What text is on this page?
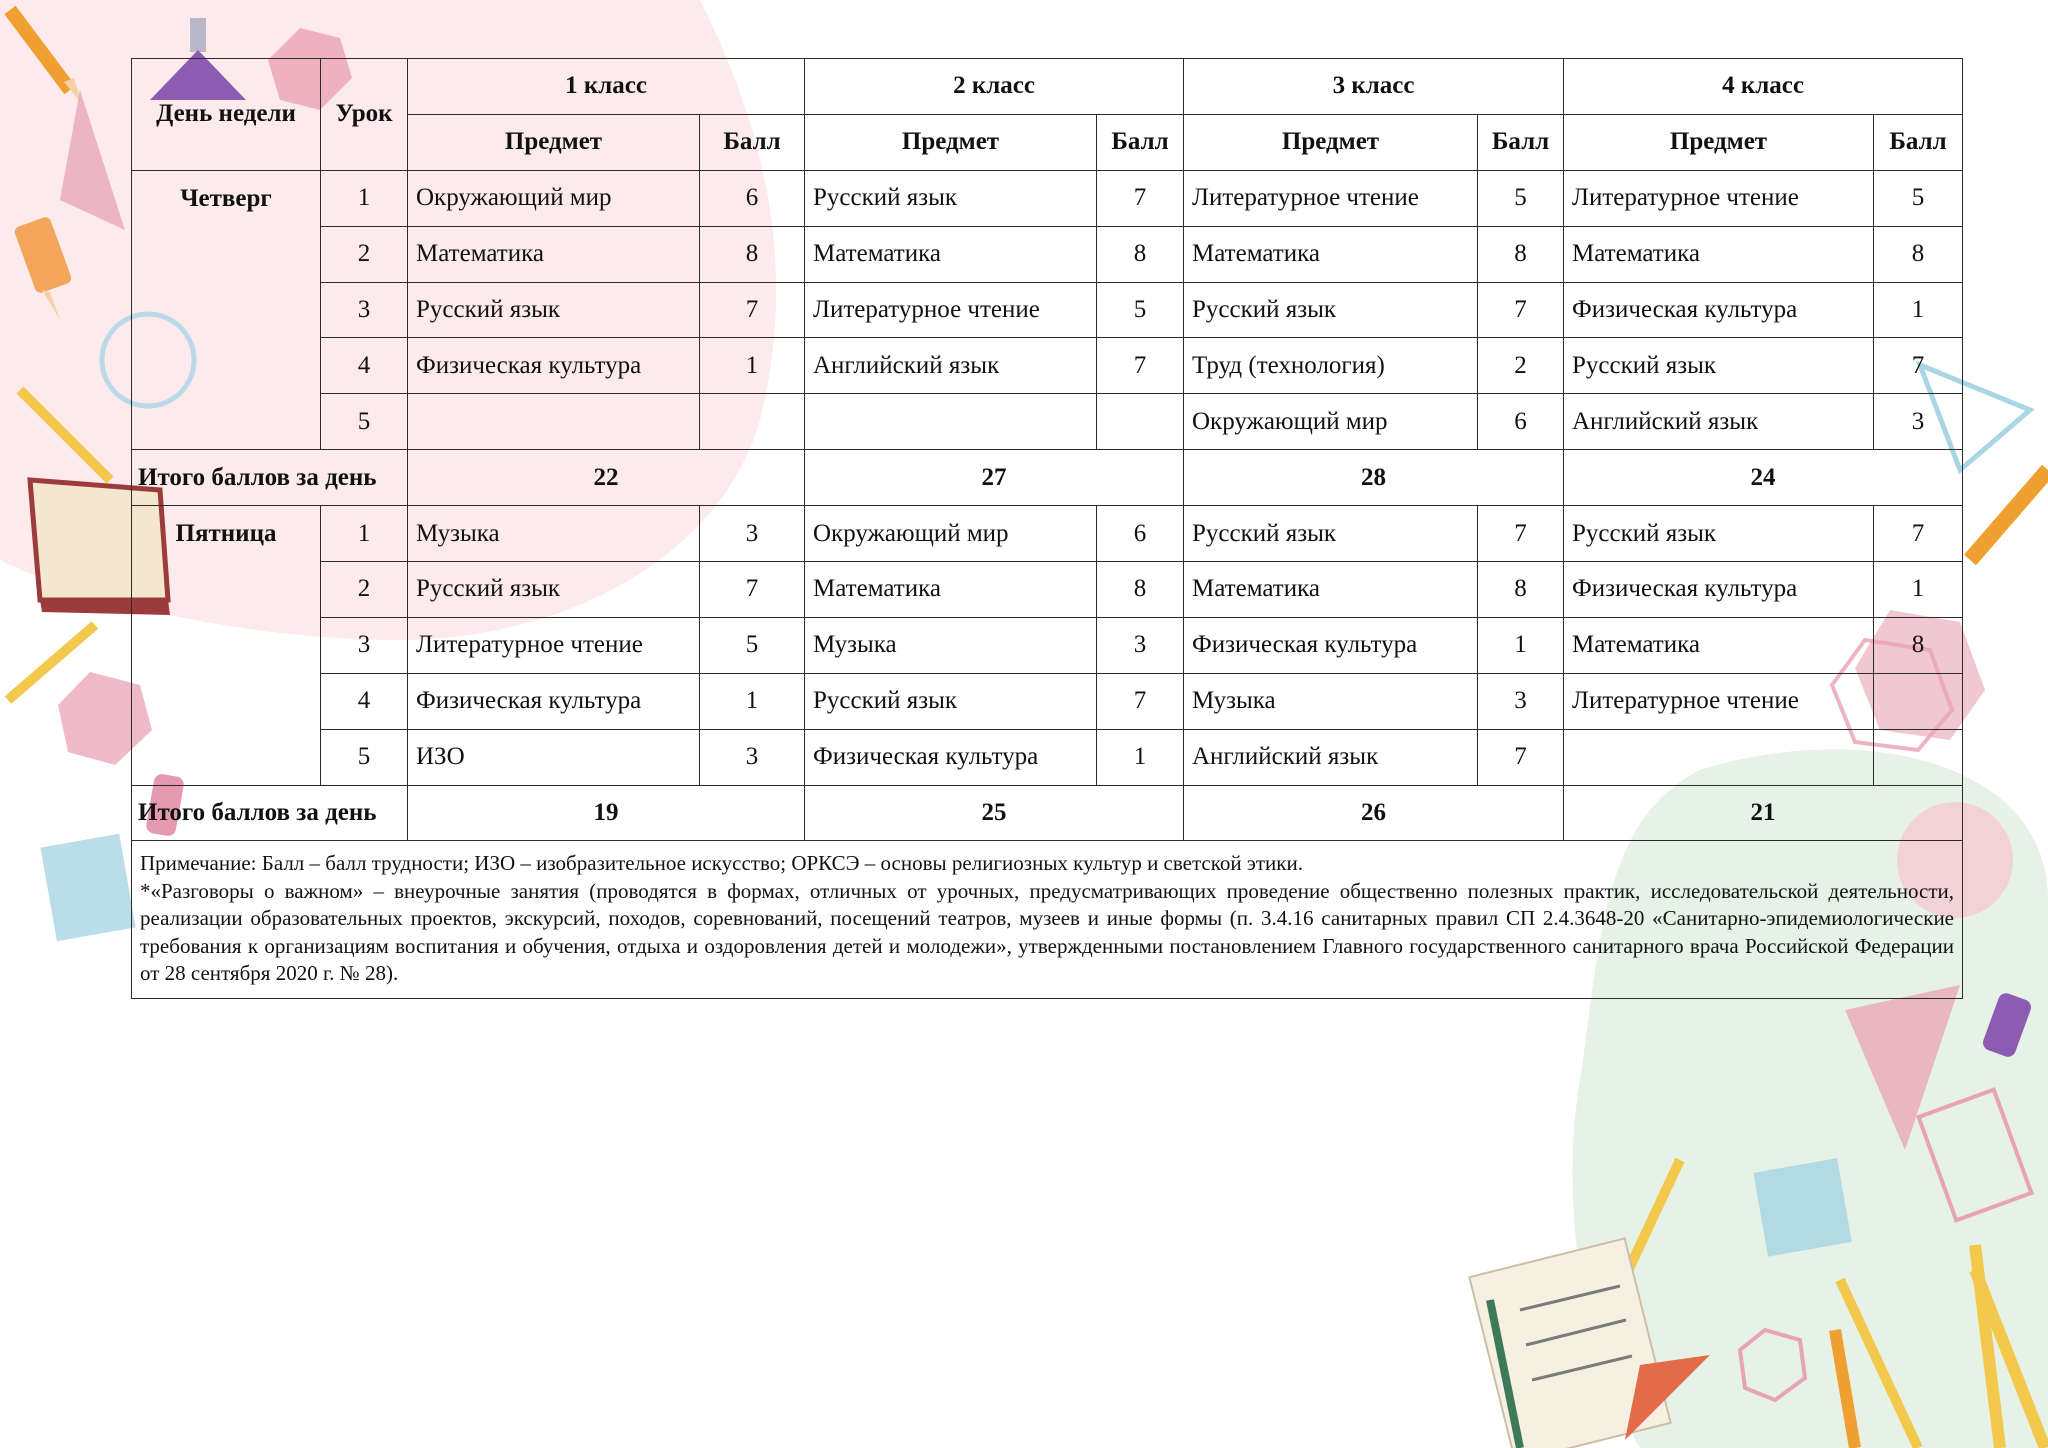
День недели	Урок	1 класс		2 класс		3 класс		4 класс	
		Предмет	Балл	Предмет	Балл	Предмет	Балл	Предмет	Балл
Четверг	1	Окружающий мир	6	Русский язык	7	Литературное чтение	5	Литературное чтение	5
	2	Математика	8	Математика	8	Математика	8	Математика	8
	3	Русский язык	7	Литературное чтение	5	Русский язык	7	Физическая культура	1
	4	Физическая культура	1	Английский язык	7	Труд (технология)	2	Русский язык	7
	5					Окружающий мир	6	Английский язык	3
Итого баллов за день		22		27		28		24	
Пятница	1	Музыка	3	Окружающий мир	6	Русский язык	7	Русский язык	7
	2	Русский язык	7	Математика	8	Математика	8	Физическая культура	1
	3	Литературное чтение	5	Музыка	3	Физическая культура	1	Математика	8
	4	Физическая культура	1	Русский язык	7	Музыка	3	Литературное чтение	
	5	ИЗО	3	Физическая культура	1	Английский язык	7		
Итого баллов за день		19		25		26		21	

Примечание: Балл – балл трудности; ИЗО – изобразительное искусство; ОРКСЭ – основы религиозных культур и светской этики.

*«Разговоры о важном» – внеурочные занятия (проводятся в формах, отличных от урочных, предусматривающих проведение общественно полезных практик, исследовательской деятельности, реализации образовательных проектов, экскурсий, походов, соревнований, посещений театров, музеев и иные формы (п. 3.4.16 санитарных правил СП 2.4.3648-20 «Санитарно-эпидемиологические требования к организациям воспитания и обучения, отдыха и оздоровления детей и молодежи», утвержденными постановлением Главного государственного санитарного врача Российской Федерации от 28 сентября 2020 г. № 28).									
